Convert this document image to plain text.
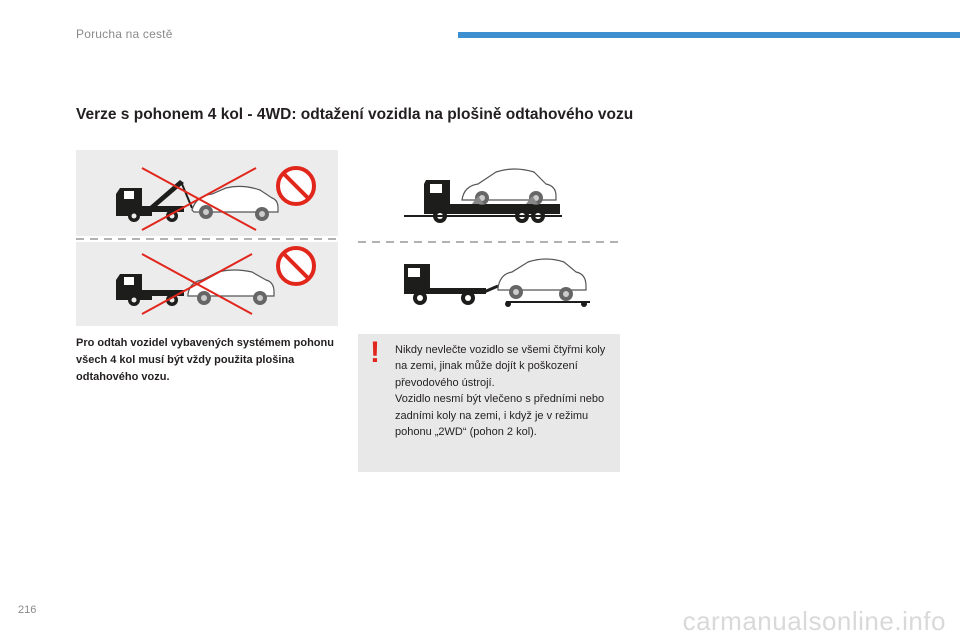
Porucha na cestě
Verze s pohonem 4 kol - 4WD: odtažení vozidla na plošině odtahového vozu
Pro odtah vozidel vybavených systémem pohonu všech 4 kol musí být vždy použita plošina odtahového vozu.
! Nikdy nevlečte vozidlo se všemi čtyřmi koly na zemi, jinak může dojít k poškození převodového ústrojí.

Vozidlo nesmí být vlečeno s předními nebo zadními koly na zemi, i když je v režimu pohonu „2WD“ (pohon 2 kol).

216	carmanualsonline.info
